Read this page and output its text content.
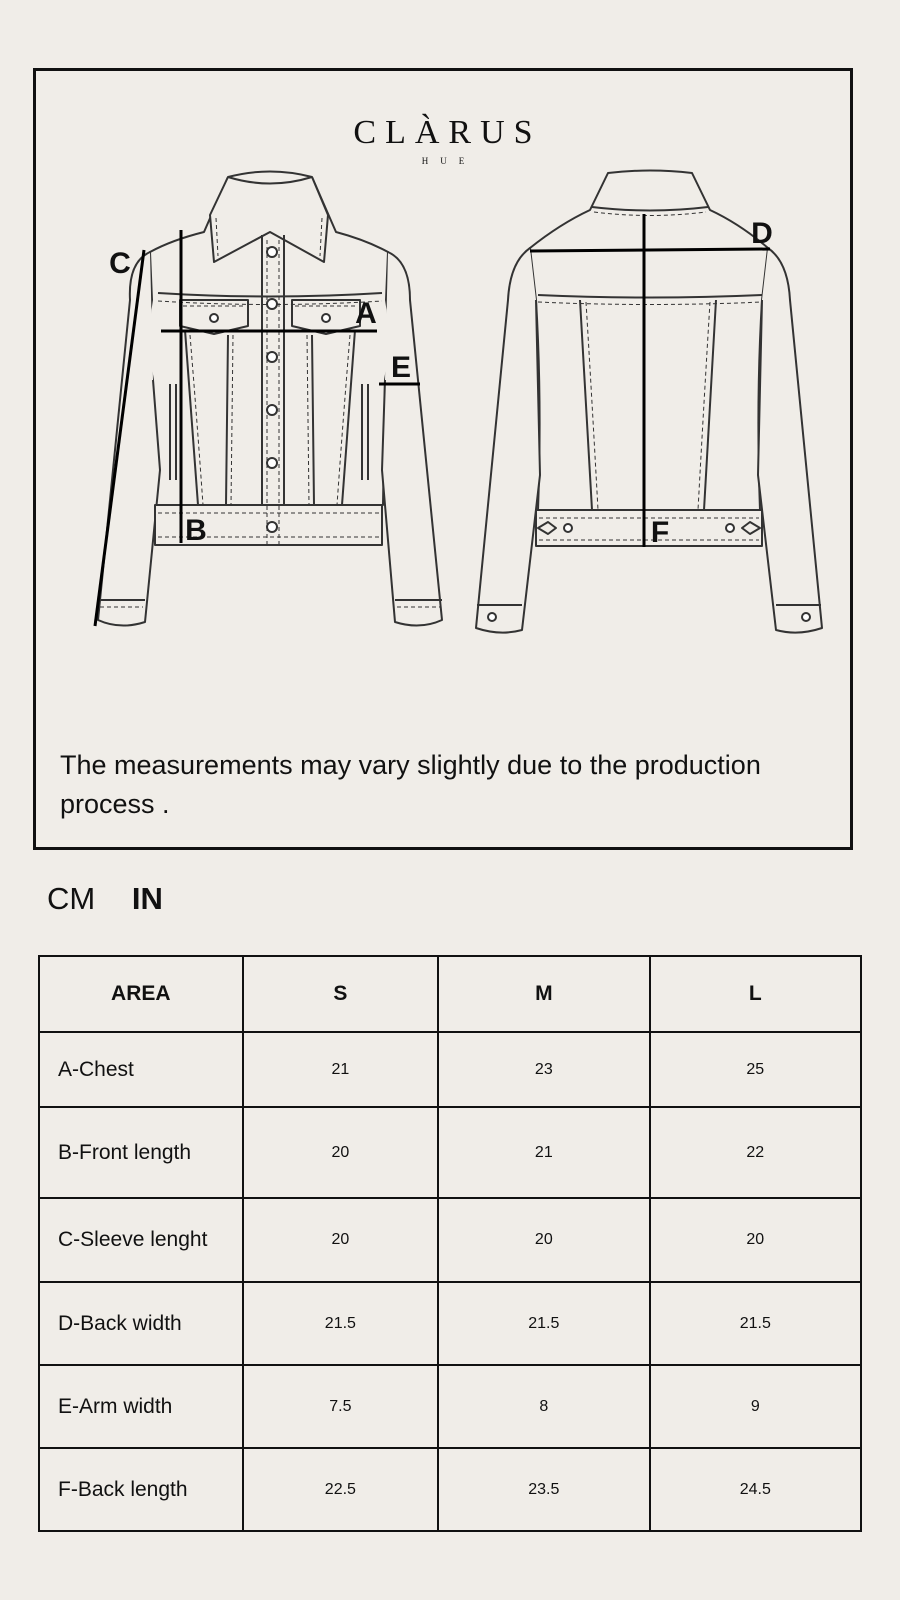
CLÀRUS
HUE
C
A
E
B
D
F
The measurements may vary slightly due to the production process .
CM IN
AREA	S	M	L
A-Chest	21	23	25
B-Front length	20	21	22
C-Sleeve lenght	20	20	20
D-Back width	21.5	21.5	21.5
E-Arm width	7.5	8	9
F-Back length	22.5	23.5	24.5
